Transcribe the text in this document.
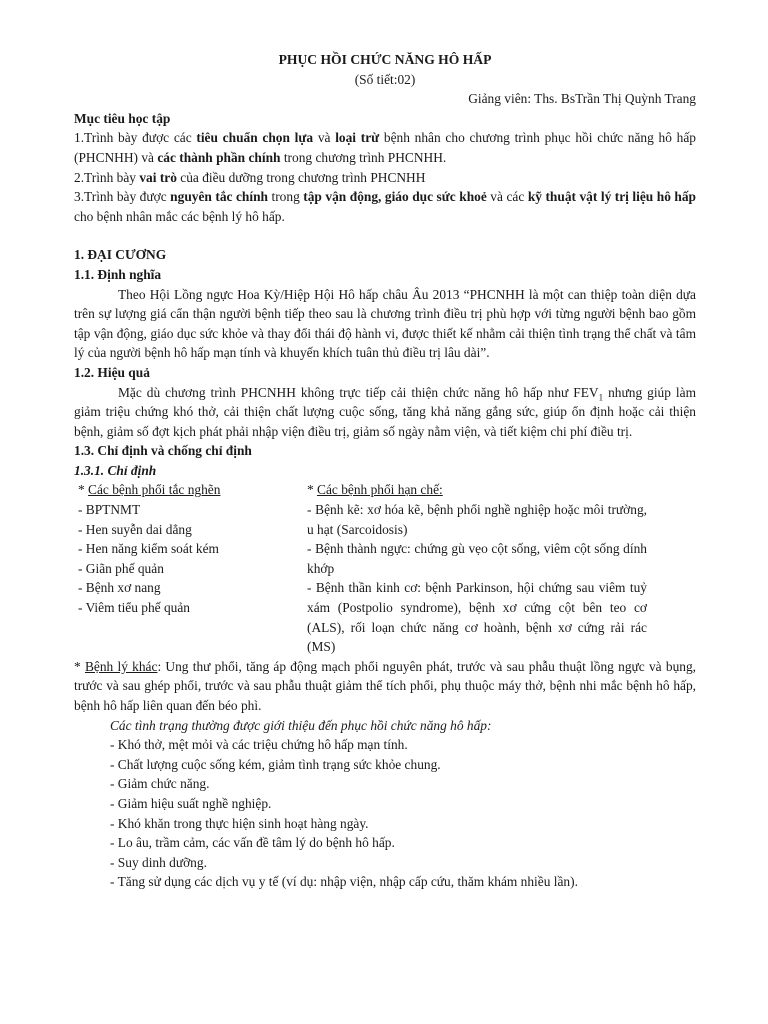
PHỤC HỒI CHỨC NĂNG HÔ HẤP
(Số tiết:02)
Giảng viên: Ths. BsTrần Thị Quỳnh Trang
Mục tiêu học tập
1.Trình bày được các tiêu chuẩn chọn lựa và loại trừ bệnh nhân cho chương trình phục hồi chức năng hô hấp (PHCNHH) và các thành phần chính trong chương trình PHCNHH.
2.Trình bày vai trò của điều dưỡng trong chương trình PHCNHH
3.Trình bày được nguyên tắc chính trong tập vận động, giáo dục sức khoẻ và các kỹ thuật vật lý trị liệu hô hấp cho bệnh nhân mắc các bệnh lý hô hấp.
1. ĐẠI CƯƠNG
1.1. Định nghĩa
Theo Hội Lồng ngực Hoa Kỳ/Hiệp Hội Hô hấp châu Âu 2013 “PHCNHH là một can thiệp toàn diện dựa trên sự lượng giá cẩn thận người bệnh tiếp theo sau là chương trình điều trị phù hợp với từng người bệnh bao gồm tập vận động, giáo dục sức khỏe và thay đổi thái độ hành vi, được thiết kế nhằm cải thiện tình trạng thể chất và tâm lý của người bệnh hô hấp mạn tính và khuyến khích tuân thủ điều trị lâu dài”.
1.2. Hiệu quả
Mặc dù chương trình PHCNHH không trực tiếp cải thiện chức năng hô hấp như $FEV_1$ nhưng giúp làm giảm triệu chứng khó thở, cải thiện chất lượng cuộc sống, tăng khả năng gắng sức, giúp ổn định hoặc cải thiện bệnh, giảm số đợt kịch phát phải nhập viện điều trị, giảm số ngày nằm viện, và tiết kiệm chi phí điều trị.
1.3. Chỉ định và chống chỉ định
1.3.1. Chỉ định
* Các bệnh phổi tắc nghẽn
- BPTNMT
- Hen suyễn dai dẳng
- Hen năng kiểm soát kém
- Giãn phế quản
- Bệnh xơ nang
- Viêm tiểu phế quản
* Các bệnh phổi hạn chế:
- Bệnh kẽ: xơ hóa kẽ, bệnh phổi nghề nghiệp hoặc môi trường, u hạt (Sarcoidosis)
- Bệnh thành ngực: chứng gù vẹo cột sống, viêm cột sống dính khớp
- Bệnh thần kinh cơ: bệnh Parkinson, hội chứng sau viêm tuỷ xám (Postpolio syndrome), bệnh xơ cứng cột bên teo cơ (ALS), rối loạn chức năng cơ hoành, bệnh xơ cứng rải rác (MS)
* Bệnh lý khác: Ung thư phổi, tăng áp động mạch phổi nguyên phát, trước và sau phẫu thuật lồng ngực và bụng, trước và sau ghép phổi, trước và sau phẫu thuật giảm thể tích phổi, phụ thuộc máy thở, bệnh nhi mắc bệnh hô hấp, bệnh hô hấp liên quan đến béo phì.
Các tình trạng thường được giới thiệu đến phục hồi chức năng hô hấp:
- Khó thở, mệt mỏi và các triệu chứng hô hấp mạn tính.
- Chất lượng cuộc sống kém, giảm tình trạng sức khỏe chung.
- Giảm chức năng.
- Giảm hiệu suất nghề nghiệp.
- Khó khăn trong thực hiện sinh hoạt hàng ngày.
- Lo âu, trầm cảm, các vấn đề tâm lý do bệnh hô hấp.
- Suy dinh dưỡng.
- Tăng sử dụng các dịch vụ y tế (ví dụ: nhập viện, nhập cấp cứu, thăm khám nhiều lần).
